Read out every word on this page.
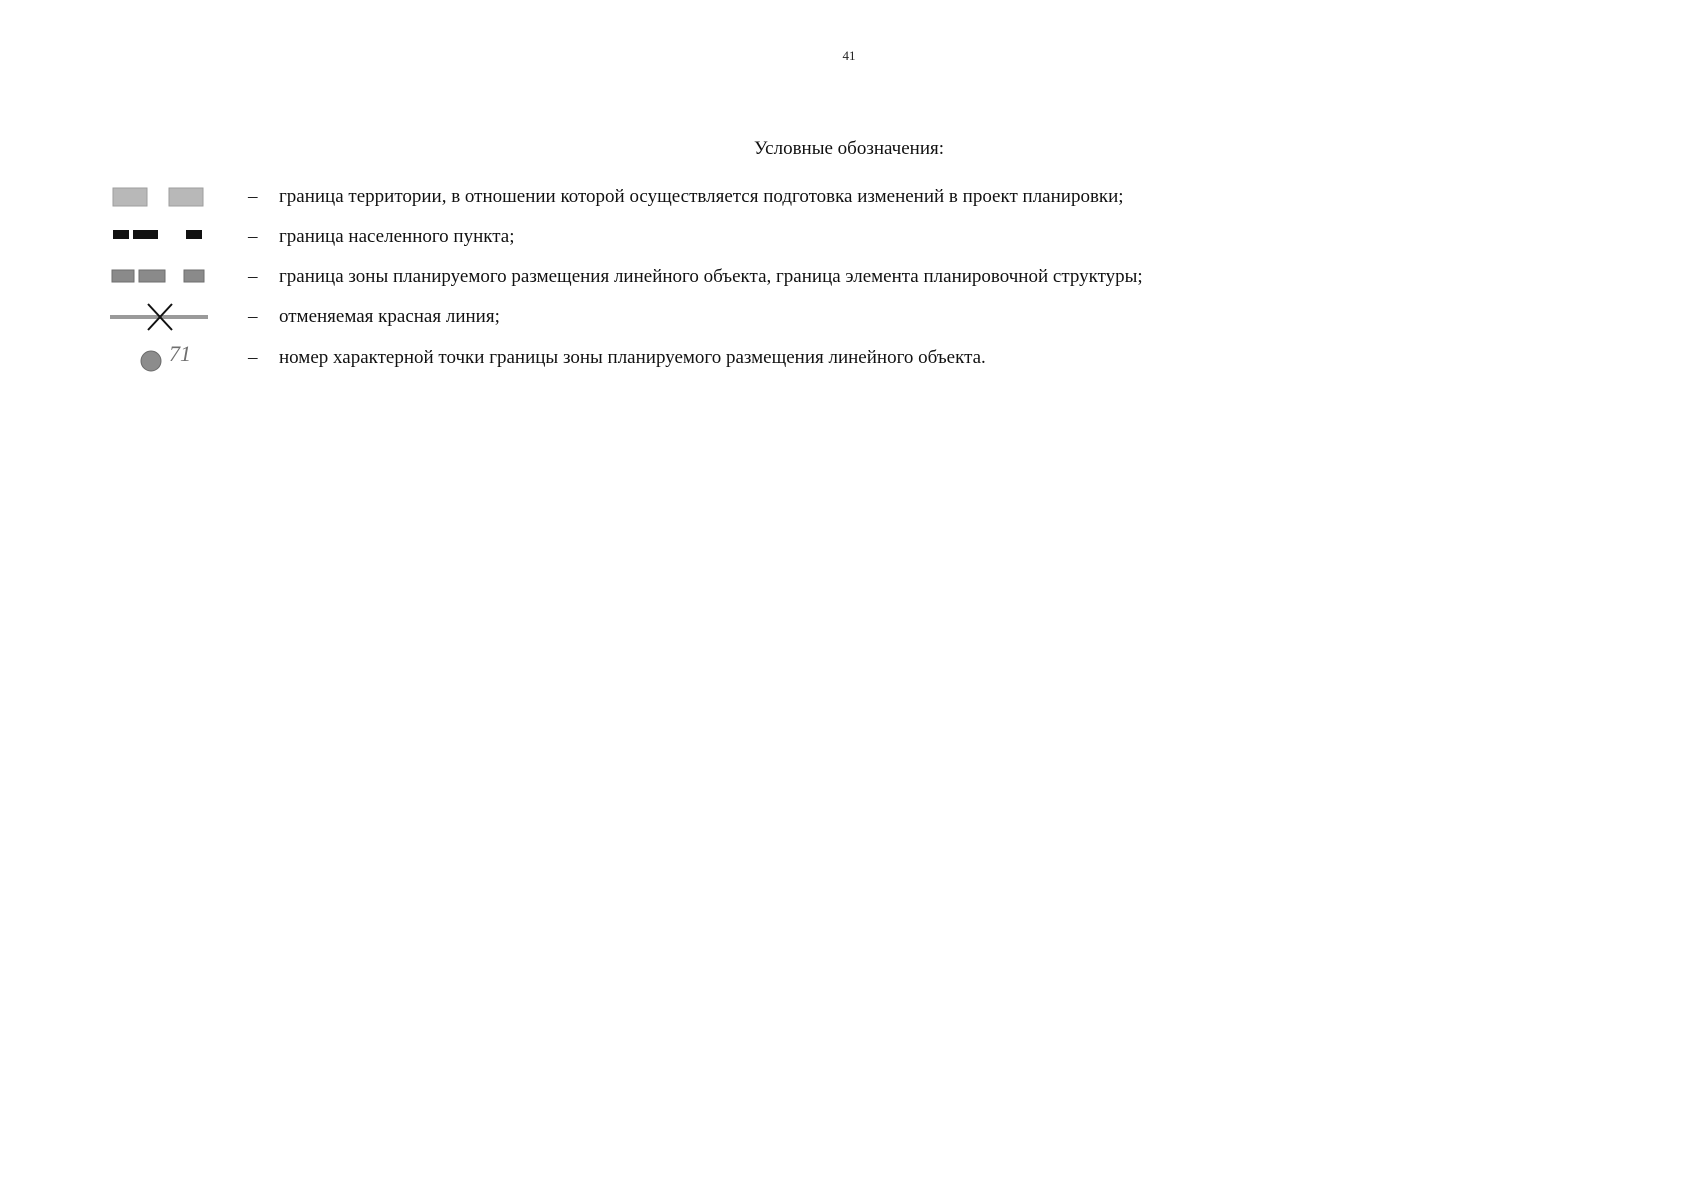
41
Условные обозначения:
– граница территории, в отношении которой осуществляется подготовка изменений в проект планировки;
– граница населенного пункта;
– граница зоны планируемого размещения линейного объекта, граница элемента планировочной структуры;
– отменяемая красная линия;
71	– номер характерной точки границы зоны планируемого размещения линейного объекта.
